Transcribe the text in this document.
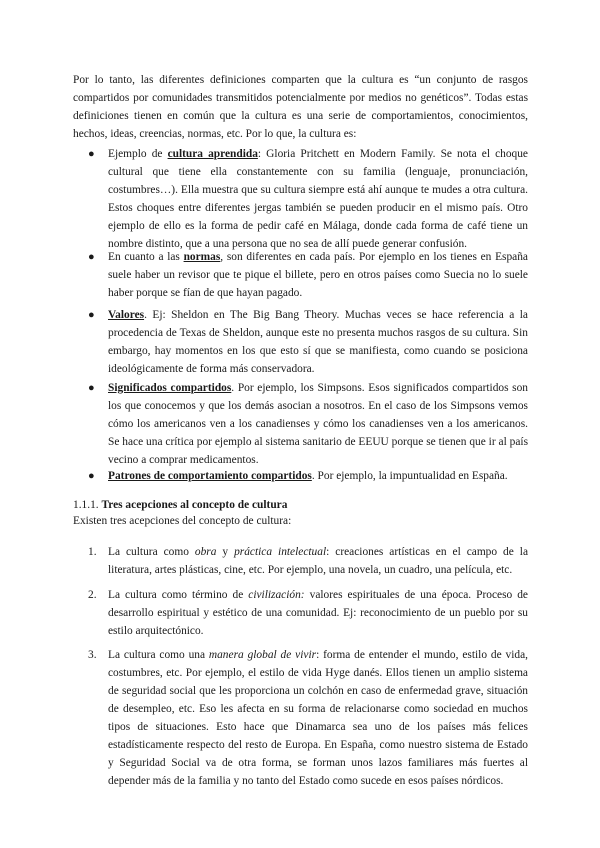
Por lo tanto, las diferentes definiciones comparten que la cultura es “un conjunto de rasgos compartidos por comunidades transmitidos potencialmente por medios no genéticos”. Todas estas definiciones tienen en común que la cultura es una serie de comportamientos, conocimientos, hechos, ideas, creencias, normas, etc. Por lo que, la cultura es:

● Ejemplo de cultura aprendida: Gloria Pritchett en Modern Family. Se nota el choque cultural que tiene ella constantemente con su familia (lenguaje, pronunciación, costumbres…). Ella muestra que su cultura siempre está ahí aunque te mudes a otra cultura. Estos choques entre diferentes jergas también se pueden producir en el mismo país. Otro ejemplo de ello es la forma de pedir café en Málaga, donde cada forma de café tiene un nombre distinto, que a una persona que no sea de allí puede generar confusión.

● En cuanto a las normas, son diferentes en cada país. Por ejemplo en los tienes en España suele haber un revisor que te pique el billete, pero en otros países como Suecia no lo suele haber porque se fían de que hayan pagado.

● Valores. Ej: Sheldon en The Big Bang Theory. Muchas veces se hace referencia a la procedencia de Texas de Sheldon, aunque este no presenta muchos rasgos de su cultura. Sin embargo, hay momentos en los que esto sí que se manifiesta, como cuando se posiciona ideológicamente de forma más conservadora.

● Significados compartidos. Por ejemplo, los Simpsons. Esos significados compartidos son los que conocemos y que los demás asocian a nosotros. En el caso de los Simpsons vemos cómo los americanos ven a los canadienses y cómo los canadienses ven a los americanos. Se hace una crítica por ejemplo al sistema sanitario de EEUU porque se tienen que ir al país vecino a comprar medicamentos.

● Patrones de comportamiento compartidos. Por ejemplo, la impuntualidad en España.

1.1.1. Tres acepciones al concepto de cultura

Existen tres acepciones del concepto de cultura:

1. La cultura como obra y práctica intelectual: creaciones artísticas en el campo de la literatura, artes plásticas, cine, etc. Por ejemplo, una novela, un cuadro, una película, etc.

2. La cultura como término de civilización: valores espirituales de una época. Proceso de desarrollo espiritual y estético de una comunidad. Ej: reconocimiento de un pueblo por su estilo arquitectónico.

3. La cultura como una manera global de vivir: forma de entender el mundo, estilo de vida, costumbres, etc. Por ejemplo, el estilo de vida Hyge danés. Ellos tienen un amplio sistema de seguridad social que les proporciona un colchón en caso de enfermedad grave, situación de desempleo, etc. Eso les afecta en su forma de relacionarse como sociedad en muchos tipos de situaciones. Esto hace que Dinamarca sea uno de los países más felices estadísticamente respecto del resto de Europa. En España, como nuestro sistema de Estado y Seguridad Social va de otra forma, se forman unos lazos familiares más fuertes al depender más de la familia y no tanto del Estado como sucede en esos países nórdicos.
